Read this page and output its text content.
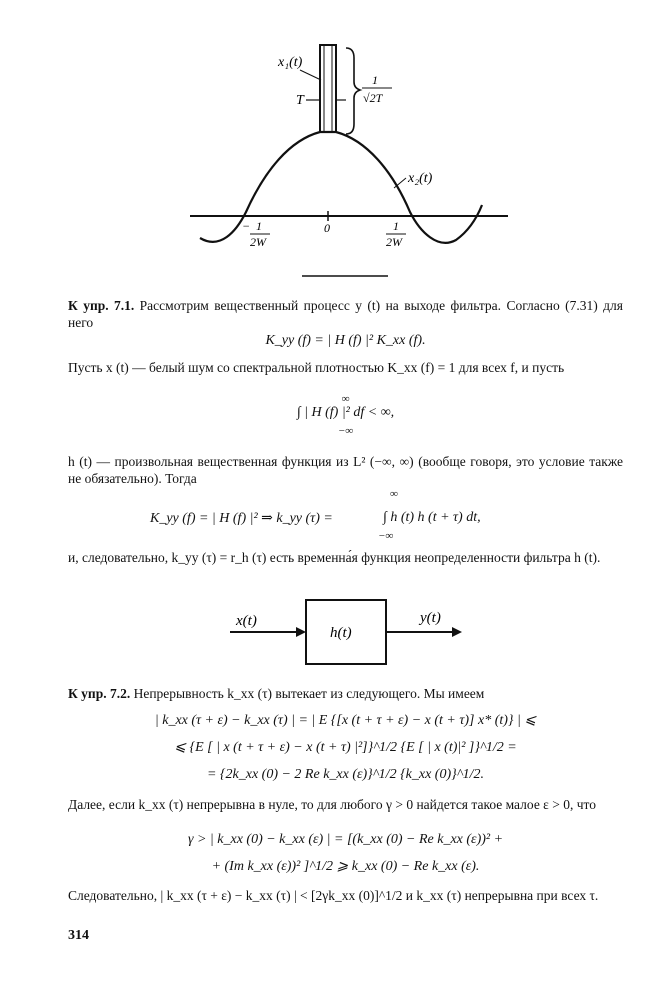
T
1
√2T
x₁(t)
x₂(t)
− 1
2W
0	1
2W
К упр. 7.1. Рассмотрим вещественный процесс y (t) на выходе фильтра. Согласно (7.31) для него
K_yy (f) = | H (f) |² K_xx (f).
Пусть x (t) — белый шум со спектральной плотностью K_xx (f) = 1 для всех f, и пусть
∞
∫ | H (f) |² df < ∞,
−∞
h (t) — произвольная вещественная функция из L² (−∞, ∞) (вообще говоря, это условие также не обязательно). Тогда
K_yy (f) = | H (f) |² ⇒ k_yy (τ) =
∞
∫ h (t) h (t + τ) dt,
−∞
и, следовательно, k_yy (τ) = r_h (τ) есть временна́я функция неопределенности фильтра h (t).
x(t)
h(t)
y(t)
К упр. 7.2. Непрерывность k_xx (τ) вытекает из следующего. Мы имеем
| k_xx (τ + ε) − k_xx (τ) | = | E {[x (t + τ + ε) − x (t + τ)] x* (t)} | ⩽
⩽ {E [ | x (t + τ + ε) − x (t + τ) |²]}^1/2 {E [ | x (t)|² ]}^1/2 =
= {2k_xx (0) − 2 Re k_xx (ε)}^1/2 {k_xx (0)}^1/2.
Далее, если k_xx (τ) непрерывна в нуле, то для любого γ > 0 найдется такое малое ε > 0, что
γ > | k_xx (0) − k_xx (ε) | = [(k_xx (0) − Re k_xx (ε))² +
+ (Im k_xx (ε))² ]^1/2 ⩾ k_xx (0) − Re k_xx (ε).
Следовательно, | k_xx (τ + ε) − k_xx (τ) | < [2γk_xx (0)]^1/2 и k_xx (τ) непрерывна при всех τ.
314
